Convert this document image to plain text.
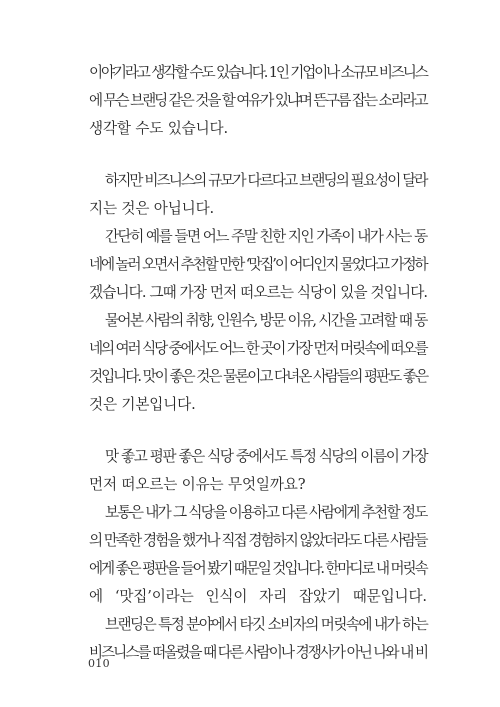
이야기라고 생각할 수도 있습니다. 1인 기업이나 소규모 비즈니스
에 무슨 브랜딩 같은 것을 할 여유가 있냐며 뜬구름 잡는 소리라고
생각할 수도 있습니다.
하지만 비즈니스의 규모가 다르다고 브랜딩의 필요성이 달라
지는 것은 아닙니다.
간단히 예를 들면 어느 주말 친한 지인 가족이 내가 사는 동
네에 놀러 오면서 추천할 만한 ‘맛집’이 어디인지 물었다고 가정하
겠습니다. 그때 가장 먼저 떠오르는 식당이 있을 것입니다.
물어본 사람의 취향, 인원수, 방문 이유, 시간을 고려할 때 동
네의 여러 식당 중에서도 어느 한 곳이 가장 먼저 머릿속에 떠오를
것입니다. 맛이 좋은 것은 물론이고 다녀온 사람들의 평판도 좋은
것은 기본입니다.
맛 좋고 평판 좋은 식당 중에서도 특정 식당의 이름이 가장
먼저 떠오르는 이유는 무엇일까요?
보통은 내가 그 식당을 이용하고 다른 사람에게 추천할 정도
의 만족한 경험을 했거나 직접 경험하지 않았더라도 다른 사람들
에게 좋은 평판을 들어 봤기 때문일 것입니다. 한마디로 내 머릿속
에 ‘맛집’이라는 인식이 자리 잡았기 때문입니다.
브랜딩은 특정 분야에서 타깃 소비자의 머릿속에 내가 하는
비즈니스를 떠올렸을 때 다른 사람이나 경쟁사가 아닌 나와 내 비
010
